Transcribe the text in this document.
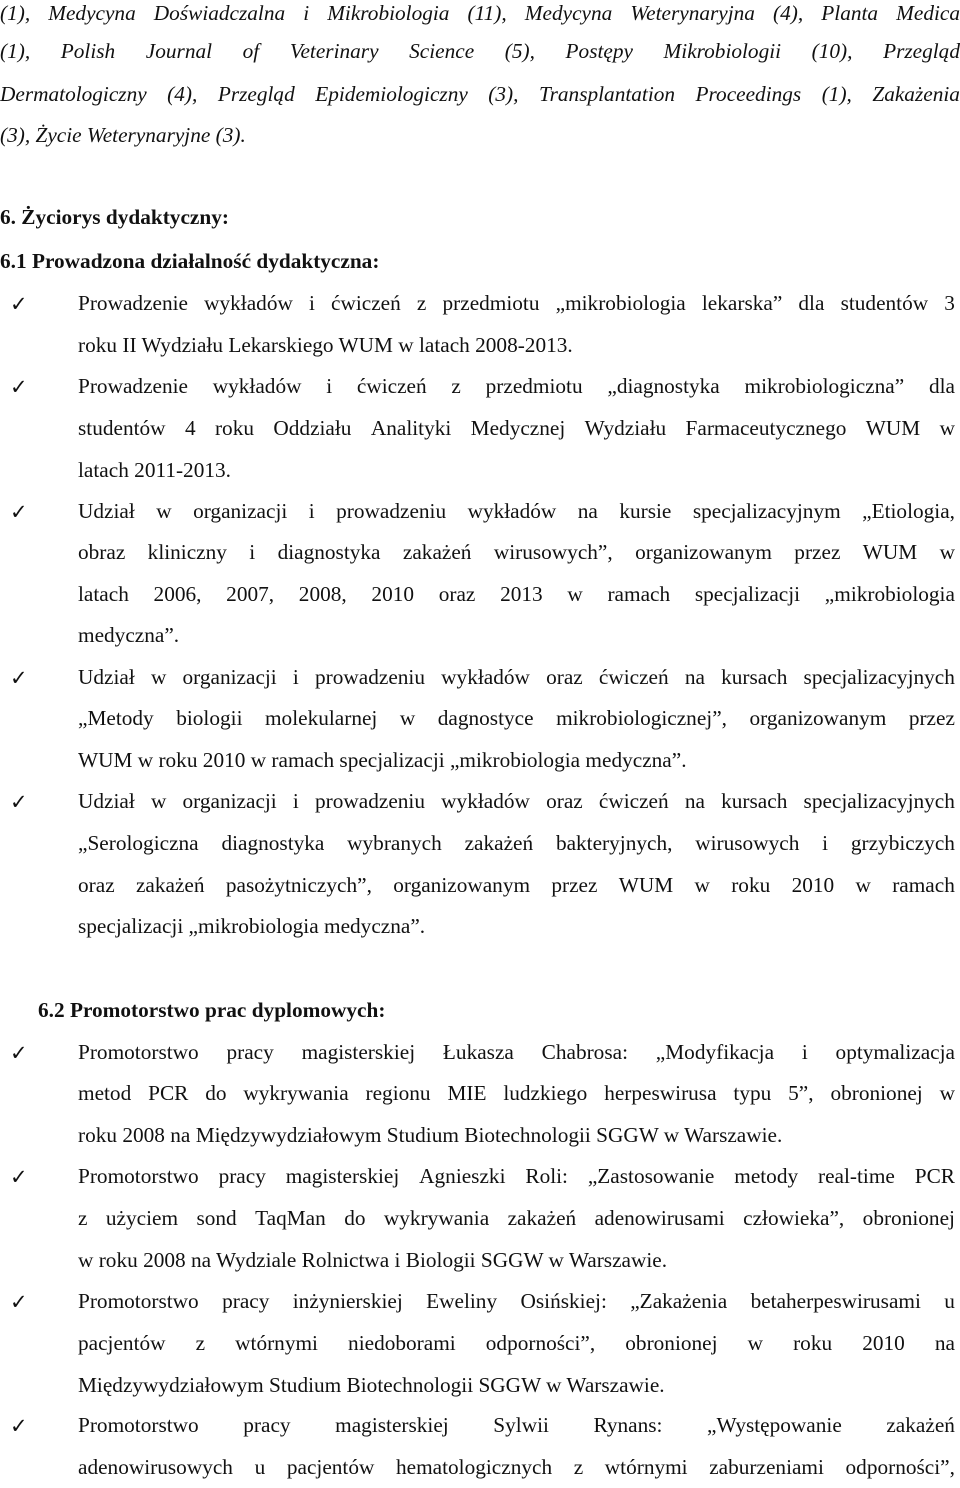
(1), Medycyna Doświadczalna i Mikrobiologia (11), Medycyna Weterynaryjna (4), Planta Medica
(1), Polish Journal of Veterinary Science (5), Postępy Mikrobiologii (10), Przegląd
Dermatologiczny (4), Przegląd Epidemiologiczny (3), Transplantation Proceedings (1), Zakażenia
(3), Życie Weterynaryjne (3).
6. Życiorys dydaktyczny:
6.1 Prowadzona działalność dydaktyczna:
✓	Prowadzenie wykładów i ćwiczeń z przedmiotu „mikrobiologia lekarska” dla studentów 3
roku II Wydziału Lekarskiego WUM w latach 2008-2013.
✓	Prowadzenie wykładów i ćwiczeń z przedmiotu „diagnostyka mikrobiologiczna” dla
studentów 4 roku Oddziału Analityki Medycznej Wydziału Farmaceutycznego WUM w
latach 2011-2013.
✓	Udział w organizacji i prowadzeniu wykładów na kursie specjalizacyjnym „Etiologia,
obraz kliniczny i diagnostyka zakażeń wirusowych”, organizowanym przez WUM w
latach 2006, 2007, 2008, 2010 oraz 2013 w ramach specjalizacji „mikrobiologia
medyczna”.
✓	Udział w organizacji i prowadzeniu wykładów oraz ćwiczeń na kursach specjalizacyjnych
„Metody biologii molekularnej w dagnostyce mikrobiologicznej”, organizowanym przez
WUM w roku 2010 w ramach specjalizacji „mikrobiologia medyczna”.
✓	Udział w organizacji i prowadzeniu wykładów oraz ćwiczeń na kursach specjalizacyjnych
„Serologiczna diagnostyka wybranych zakażeń bakteryjnych, wirusowych i grzybiczych
oraz zakażeń pasożytniczych”, organizowanym przez WUM w roku 2010 w ramach
specjalizacji „mikrobiologia medyczna”.
6.2 Promotorstwo prac dyplomowych:
✓	Promotorstwo pracy magisterskiej Łukasza Chabrosa: „Modyfikacja i optymalizacja
metod PCR do wykrywania regionu MIE ludzkiego herpeswirusa typu 5”, obronionej w
roku 2008 na Międzywydziałowym Studium Biotechnologii SGGW w Warszawie.
✓	Promotorstwo pracy magisterskiej Agnieszki Roli: „Zastosowanie metody real-time PCR
z użyciem sond TaqMan do wykrywania zakażeń adenowirusami człowieka”, obronionej
w roku 2008 na Wydziale Rolnictwa i Biologii SGGW w Warszawie.
✓	Promotorstwo pracy inżynierskiej Eweliny Osińskiej: „Zakażenia betaherpeswirusami u
pacjentów z wtórnymi niedoborami odporności”, obronionej w roku 2010 na
Międzywydziałowym Studium Biotechnologii SGGW w Warszawie.
✓	Promotorstwo pracy magisterskiej Sylwii Rynans: „Występowanie zakażeń
adenowirusowych u pacjentów hematologicznych z wtórnymi zaburzeniami odporności”,
